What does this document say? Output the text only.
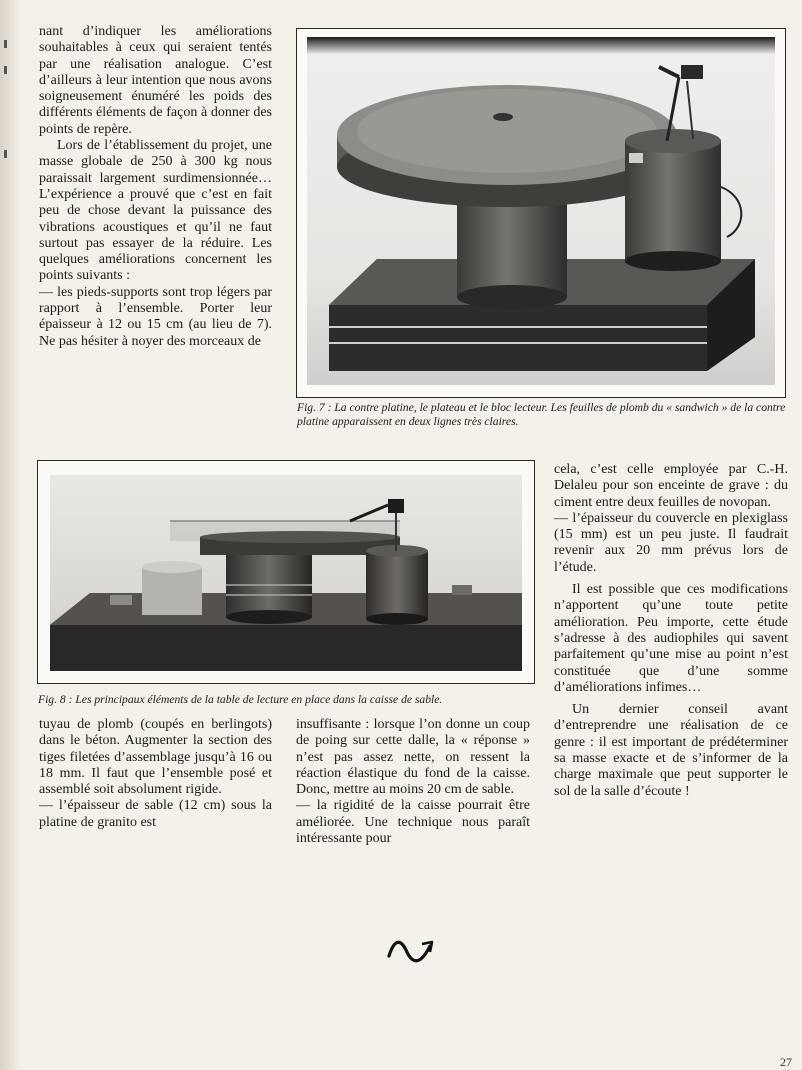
nant d’indiquer les améliorations souhaitables à ceux qui seraient tentés par une réalisation analogue. C’est d’ailleurs à leur intention que nous avons soigneusement énuméré les poids des différents éléments de façon à donner des points de repère.

Lors de l’établissement du projet, une masse globale de 250 à 300 kg nous paraissait largement surdimensionnée… L’expérience a prouvé que c’est en fait peu de chose devant la puissance des vibrations acoustiques et qu’il ne faut surtout pas essayer de la réduire. Les quelques améliorations concernent les points suivants :

— les pieds-supports sont trop légers par rapport à l’ensemble. Porter leur épaisseur à 12 ou 15 cm (au lieu de 7). Ne pas hésiter à noyer des morceaux de

Fig. 7 : La contre platine, le plateau et le bloc lecteur. Les feuilles de plomb du « sandwich » de la contre platine apparaissent en deux lignes très claires.
Fig. 8 : Les principaux éléments de la table de lecture en place dans la caisse de sable.

cela, c’est celle employée par C.-H. Delaleu pour son enceinte de grave : du ciment entre deux feuilles de novopan.

— l’épaisseur du couvercle en plexiglass (15 mm) est un peu juste. Il faudrait revenir aux 20 mm prévus lors de l’étude.

Il est possible que ces modifications n’apportent qu’une toute petite amélioration. Peu importe, cette étude s’adresse à des audiophiles qui savent parfaitement qu’une mise au point n’est constituée que d’une somme d’améliorations infimes…

Un dernier conseil avant d’entreprendre une réalisation de ce genre : il est important de prédéterminer sa masse exacte et de s’informer de la charge maximale que peut supporter le sol de la salle d’écoute !

tuyau de plomb (coupés en berlingots) dans le béton. Augmenter la section des tiges filetées d’assemblage jusqu’à 16 ou 18 mm. Il faut que l’ensemble posé et assemblé soit absolument rigide.

— l’épaisseur de sable (12 cm) sous la platine de granito est

insuffisante : lorsque l’on donne un coup de poing sur cette dalle, la « réponse » n’est pas assez nette, on ressent la réaction élastique du fond de la caisse. Donc, mettre au moins 20 cm de sable.

— la rigidité de la caisse pourrait être améliorée. Une technique nous paraît intéressante pour

27
